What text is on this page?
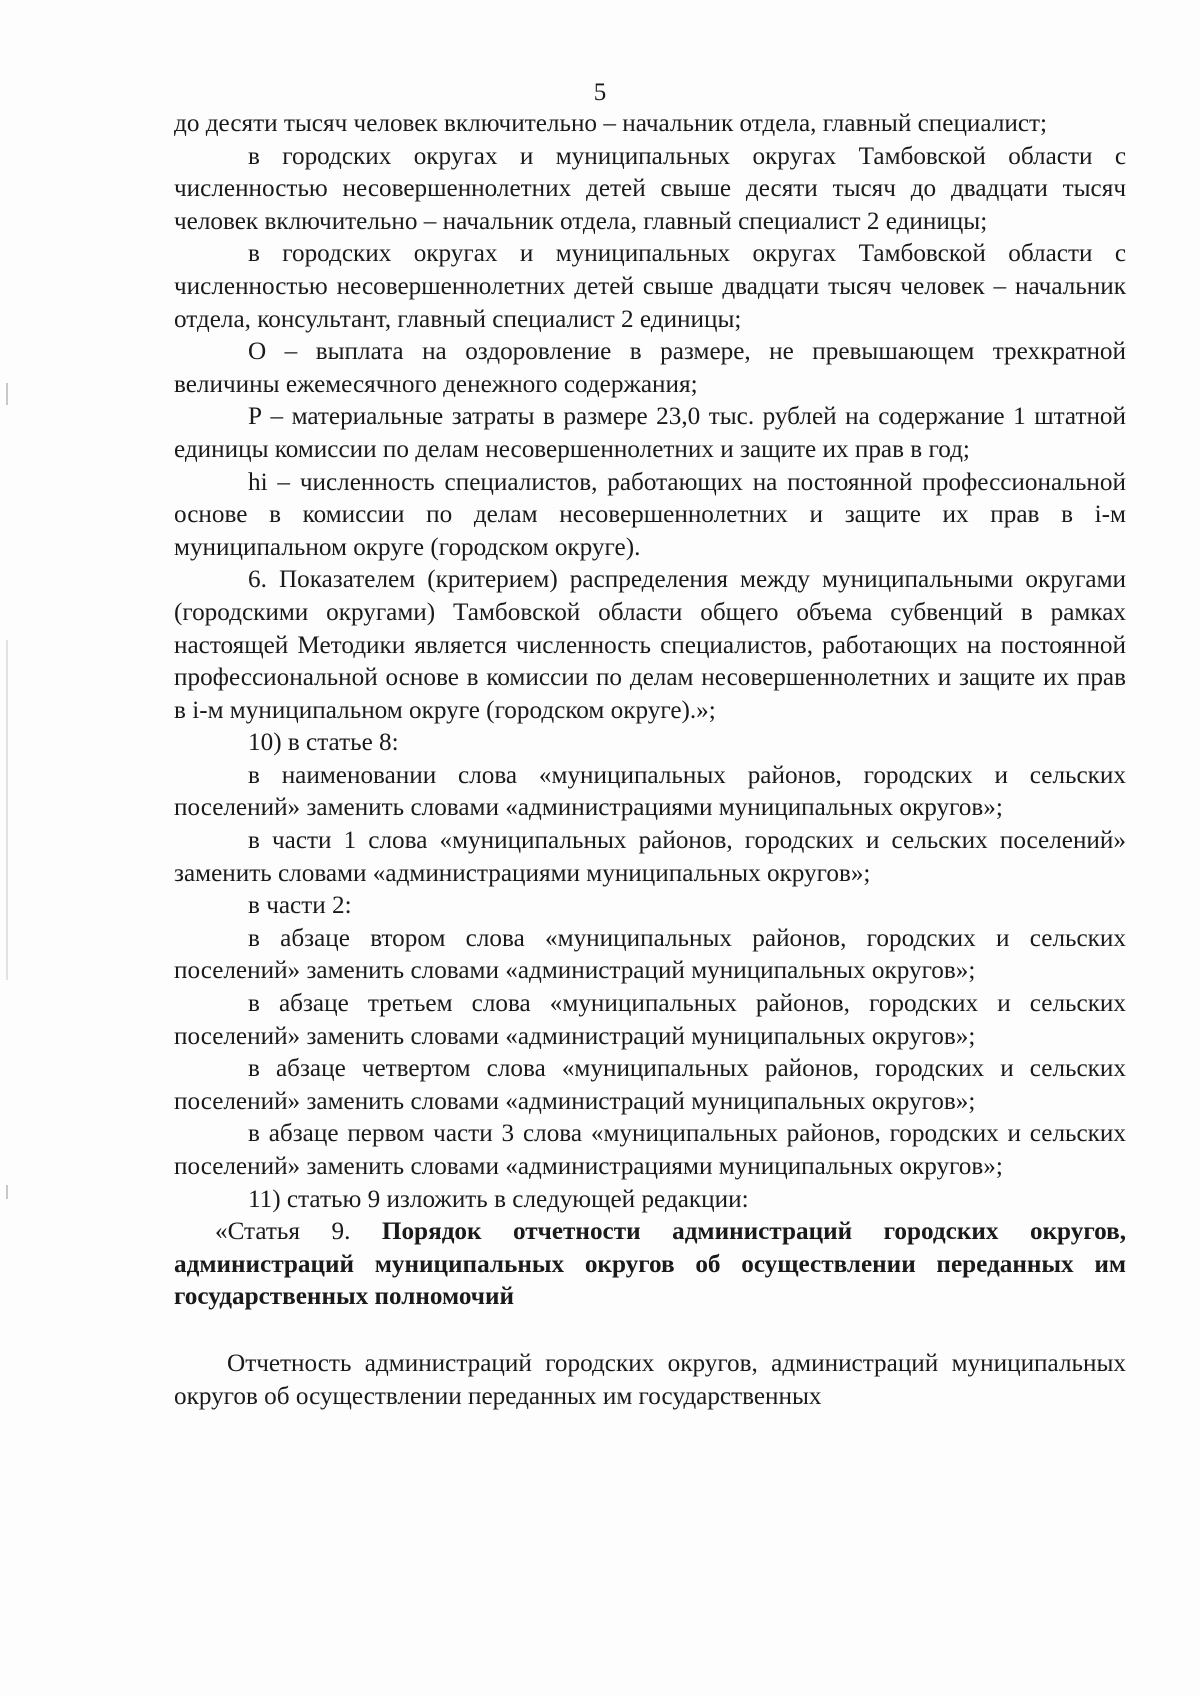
5

до десяти тысяч человек включительно – начальник отдела, главный специалист;

в городских округах и муниципальных округах Тамбовской области с численностью несовершеннолетних детей свыше десяти тысяч до двадцати тысяч человек включительно – начальник отдела, главный специалист 2 единицы;

в городских округах и муниципальных округах Тамбовской области с численностью несовершеннолетних детей свыше двадцати тысяч человек – начальник отдела, консультант, главный специалист 2 единицы;

О – выплата на оздоровление в размере, не превышающем трехкратной величины ежемесячного денежного содержания;

Р – материальные затраты в размере 23,0 тыс. рублей на содержание 1 штатной единицы комиссии по делам несовершеннолетних и защите их прав в год;

hi – численность специалистов, работающих на постоянной профессиональной основе в комиссии по делам несовершеннолетних и защите их прав в i-м муниципальном округе (городском округе).

6. Показателем (критерием) распределения между муниципальными округами (городскими округами) Тамбовской области общего объема субвенций в рамках настоящей Методики является численность специалистов, работающих на постоянной профессиональной основе в комиссии по делам несовершеннолетних и защите их прав в i-м муниципальном округе (городском округе).»;

10) в статье 8:

в наименовании слова «муниципальных районов, городских и сельских поселений» заменить словами «администрациями муниципальных округов»;

в части 1 слова «муниципальных районов, городских и сельских поселений» заменить словами «администрациями муниципальных округов»;

в части 2:

в абзаце втором слова «муниципальных районов, городских и сельских поселений» заменить словами «администраций муниципальных округов»;

в абзаце третьем слова «муниципальных районов, городских и сельских поселений» заменить словами «администраций муниципальных округов»;

в абзаце четвертом слова «муниципальных районов, городских и сельских поселений» заменить словами «администраций муниципальных округов»;

в абзаце первом части 3 слова «муниципальных районов, городских и сельских поселений» заменить словами «администрациями муниципальных округов»;

11) статью 9 изложить в следующей редакции:

«Статья 9. Порядок отчетности администраций городских округов, администраций муниципальных округов об осуществлении переданных им государственных полномочий

Отчетность администраций городских округов, администраций муниципальных округов об осуществлении переданных им государственных
